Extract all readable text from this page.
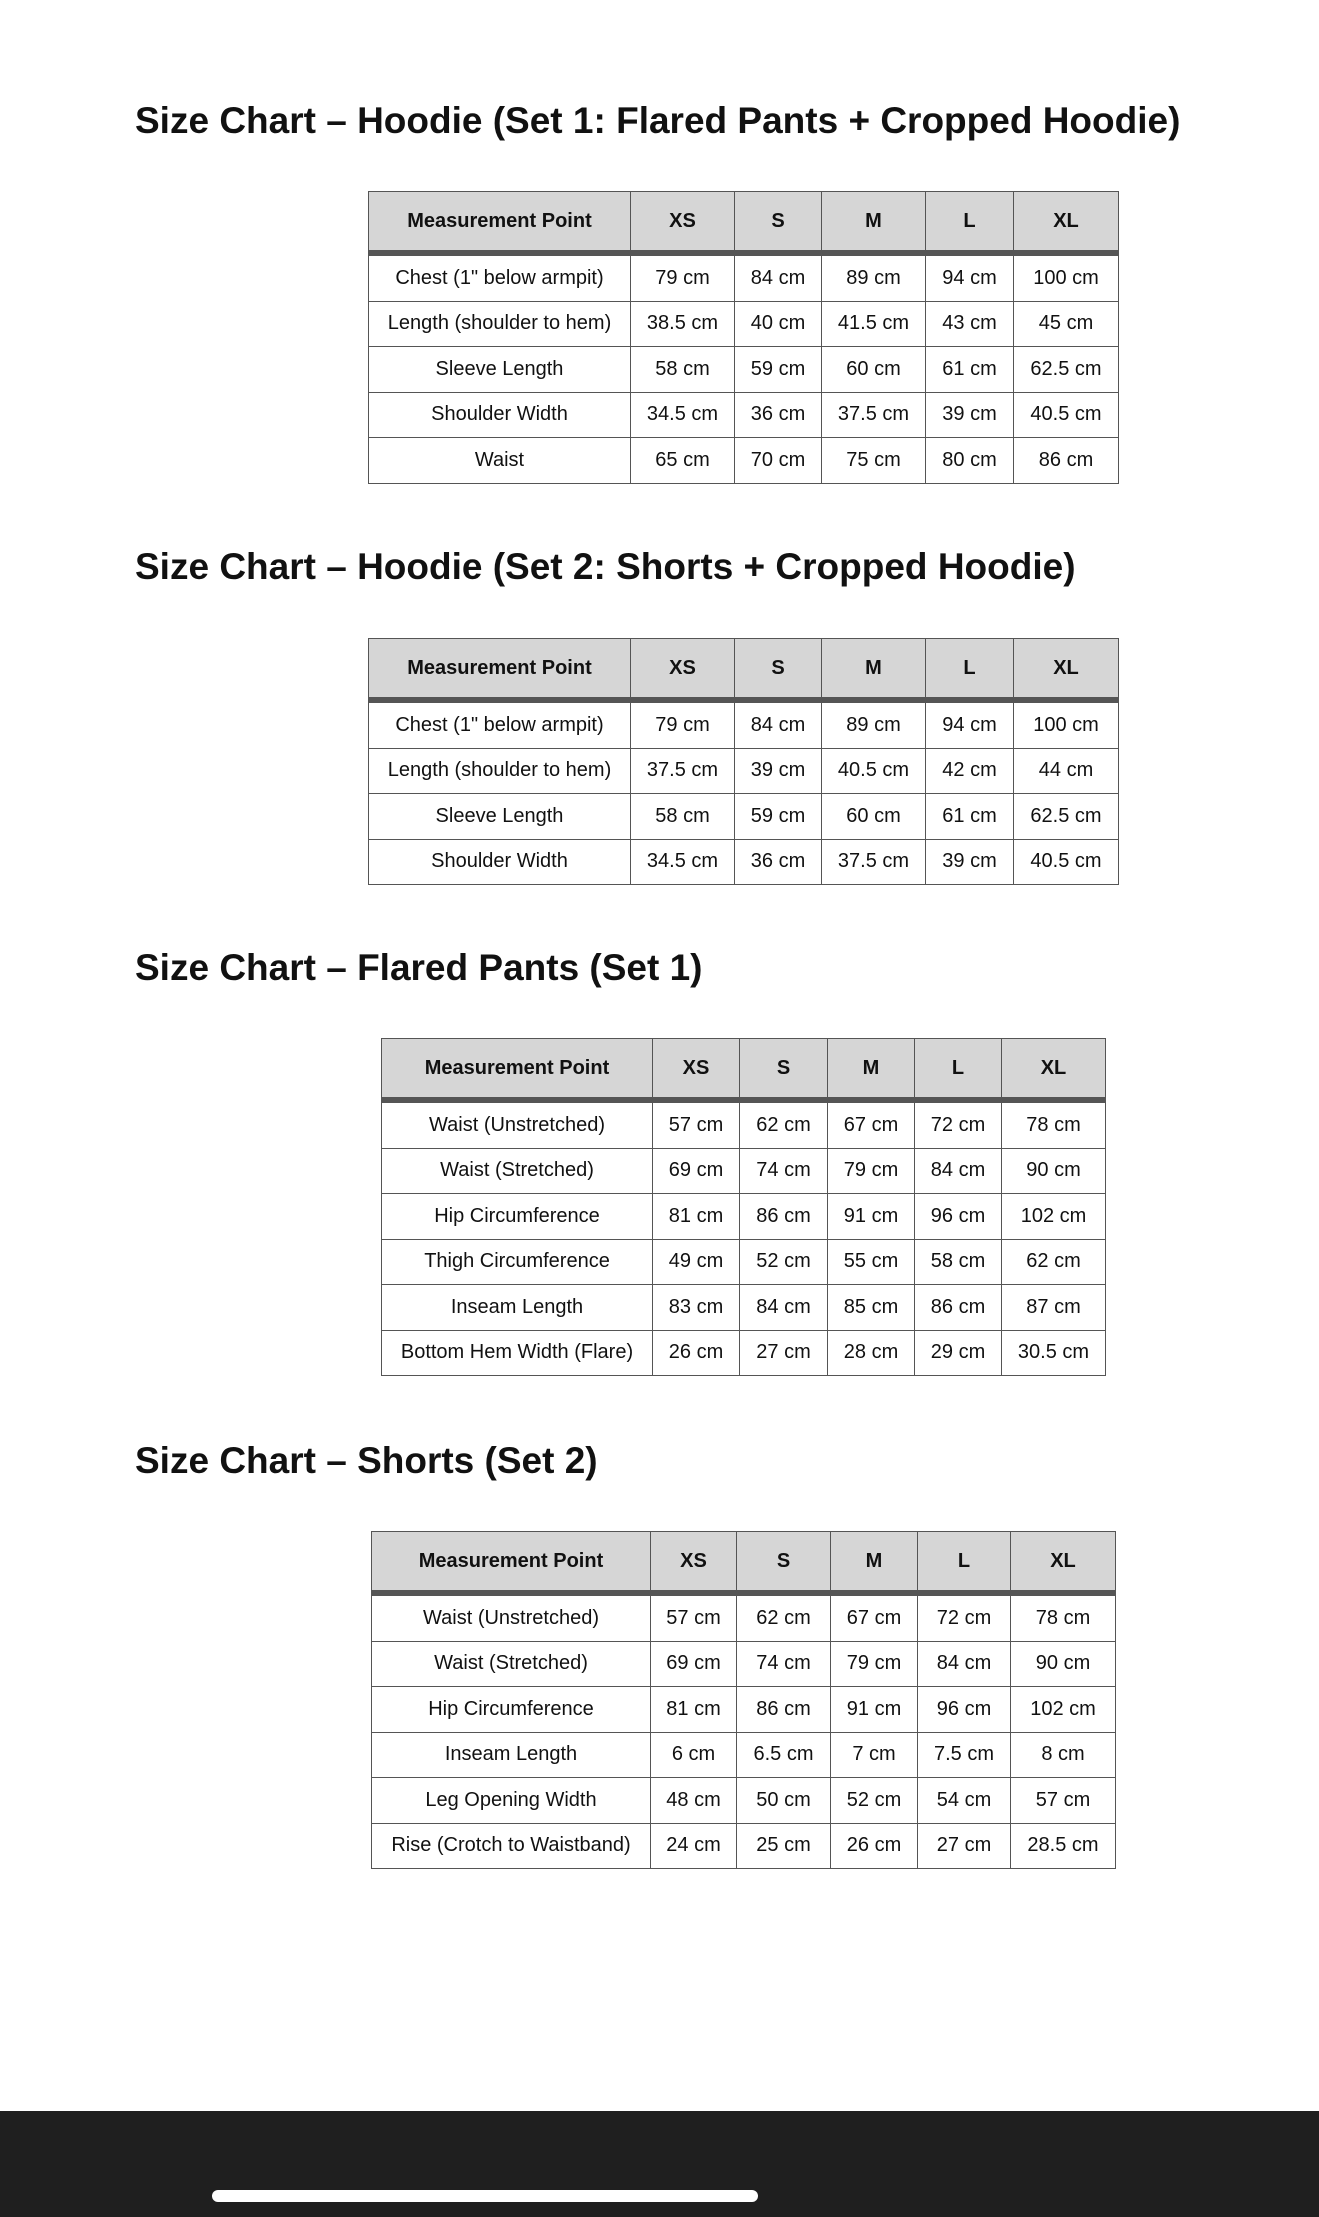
Size Chart – Hoodie (Set 1: Flared Pants + Cropped Hoodie)
Measurement Point	XS	S	M	L	XL
Chest (1" below armpit)	79 cm	84 cm	89 cm	94 cm	100 cm
Length (shoulder to hem)	38.5 cm	40 cm	41.5 cm	43 cm	45 cm
Sleeve Length	58 cm	59 cm	60 cm	61 cm	62.5 cm
Shoulder Width	34.5 cm	36 cm	37.5 cm	39 cm	40.5 cm
Waist	65 cm	70 cm	75 cm	80 cm	86 cm
Size Chart – Hoodie (Set 2: Shorts + Cropped Hoodie)
Measurement Point	XS	S	M	L	XL
Chest (1" below armpit)	79 cm	84 cm	89 cm	94 cm	100 cm
Length (shoulder to hem)	37.5 cm	39 cm	40.5 cm	42 cm	44 cm
Sleeve Length	58 cm	59 cm	60 cm	61 cm	62.5 cm
Shoulder Width	34.5 cm	36 cm	37.5 cm	39 cm	40.5 cm
Size Chart – Flared Pants (Set 1)
Measurement Point	XS	S	M	L	XL
Waist (Unstretched)	57 cm	62 cm	67 cm	72 cm	78 cm
Waist (Stretched)	69 cm	74 cm	79 cm	84 cm	90 cm
Hip Circumference	81 cm	86 cm	91 cm	96 cm	102 cm
Thigh Circumference	49 cm	52 cm	55 cm	58 cm	62 cm
Inseam Length	83 cm	84 cm	85 cm	86 cm	87 cm
Bottom Hem Width (Flare)	26 cm	27 cm	28 cm	29 cm	30.5 cm
Size Chart – Shorts (Set 2)
Measurement Point	XS	S	M	L	XL
Waist (Unstretched)	57 cm	62 cm	67 cm	72 cm	78 cm
Waist (Stretched)	69 cm	74 cm	79 cm	84 cm	90 cm
Hip Circumference	81 cm	86 cm	91 cm	96 cm	102 cm
Inseam Length	6 cm	6.5 cm	7 cm	7.5 cm	8 cm
Leg Opening Width	48 cm	50 cm	52 cm	54 cm	57 cm
Rise (Crotch to Waistband)	24 cm	25 cm	26 cm	27 cm	28.5 cm
